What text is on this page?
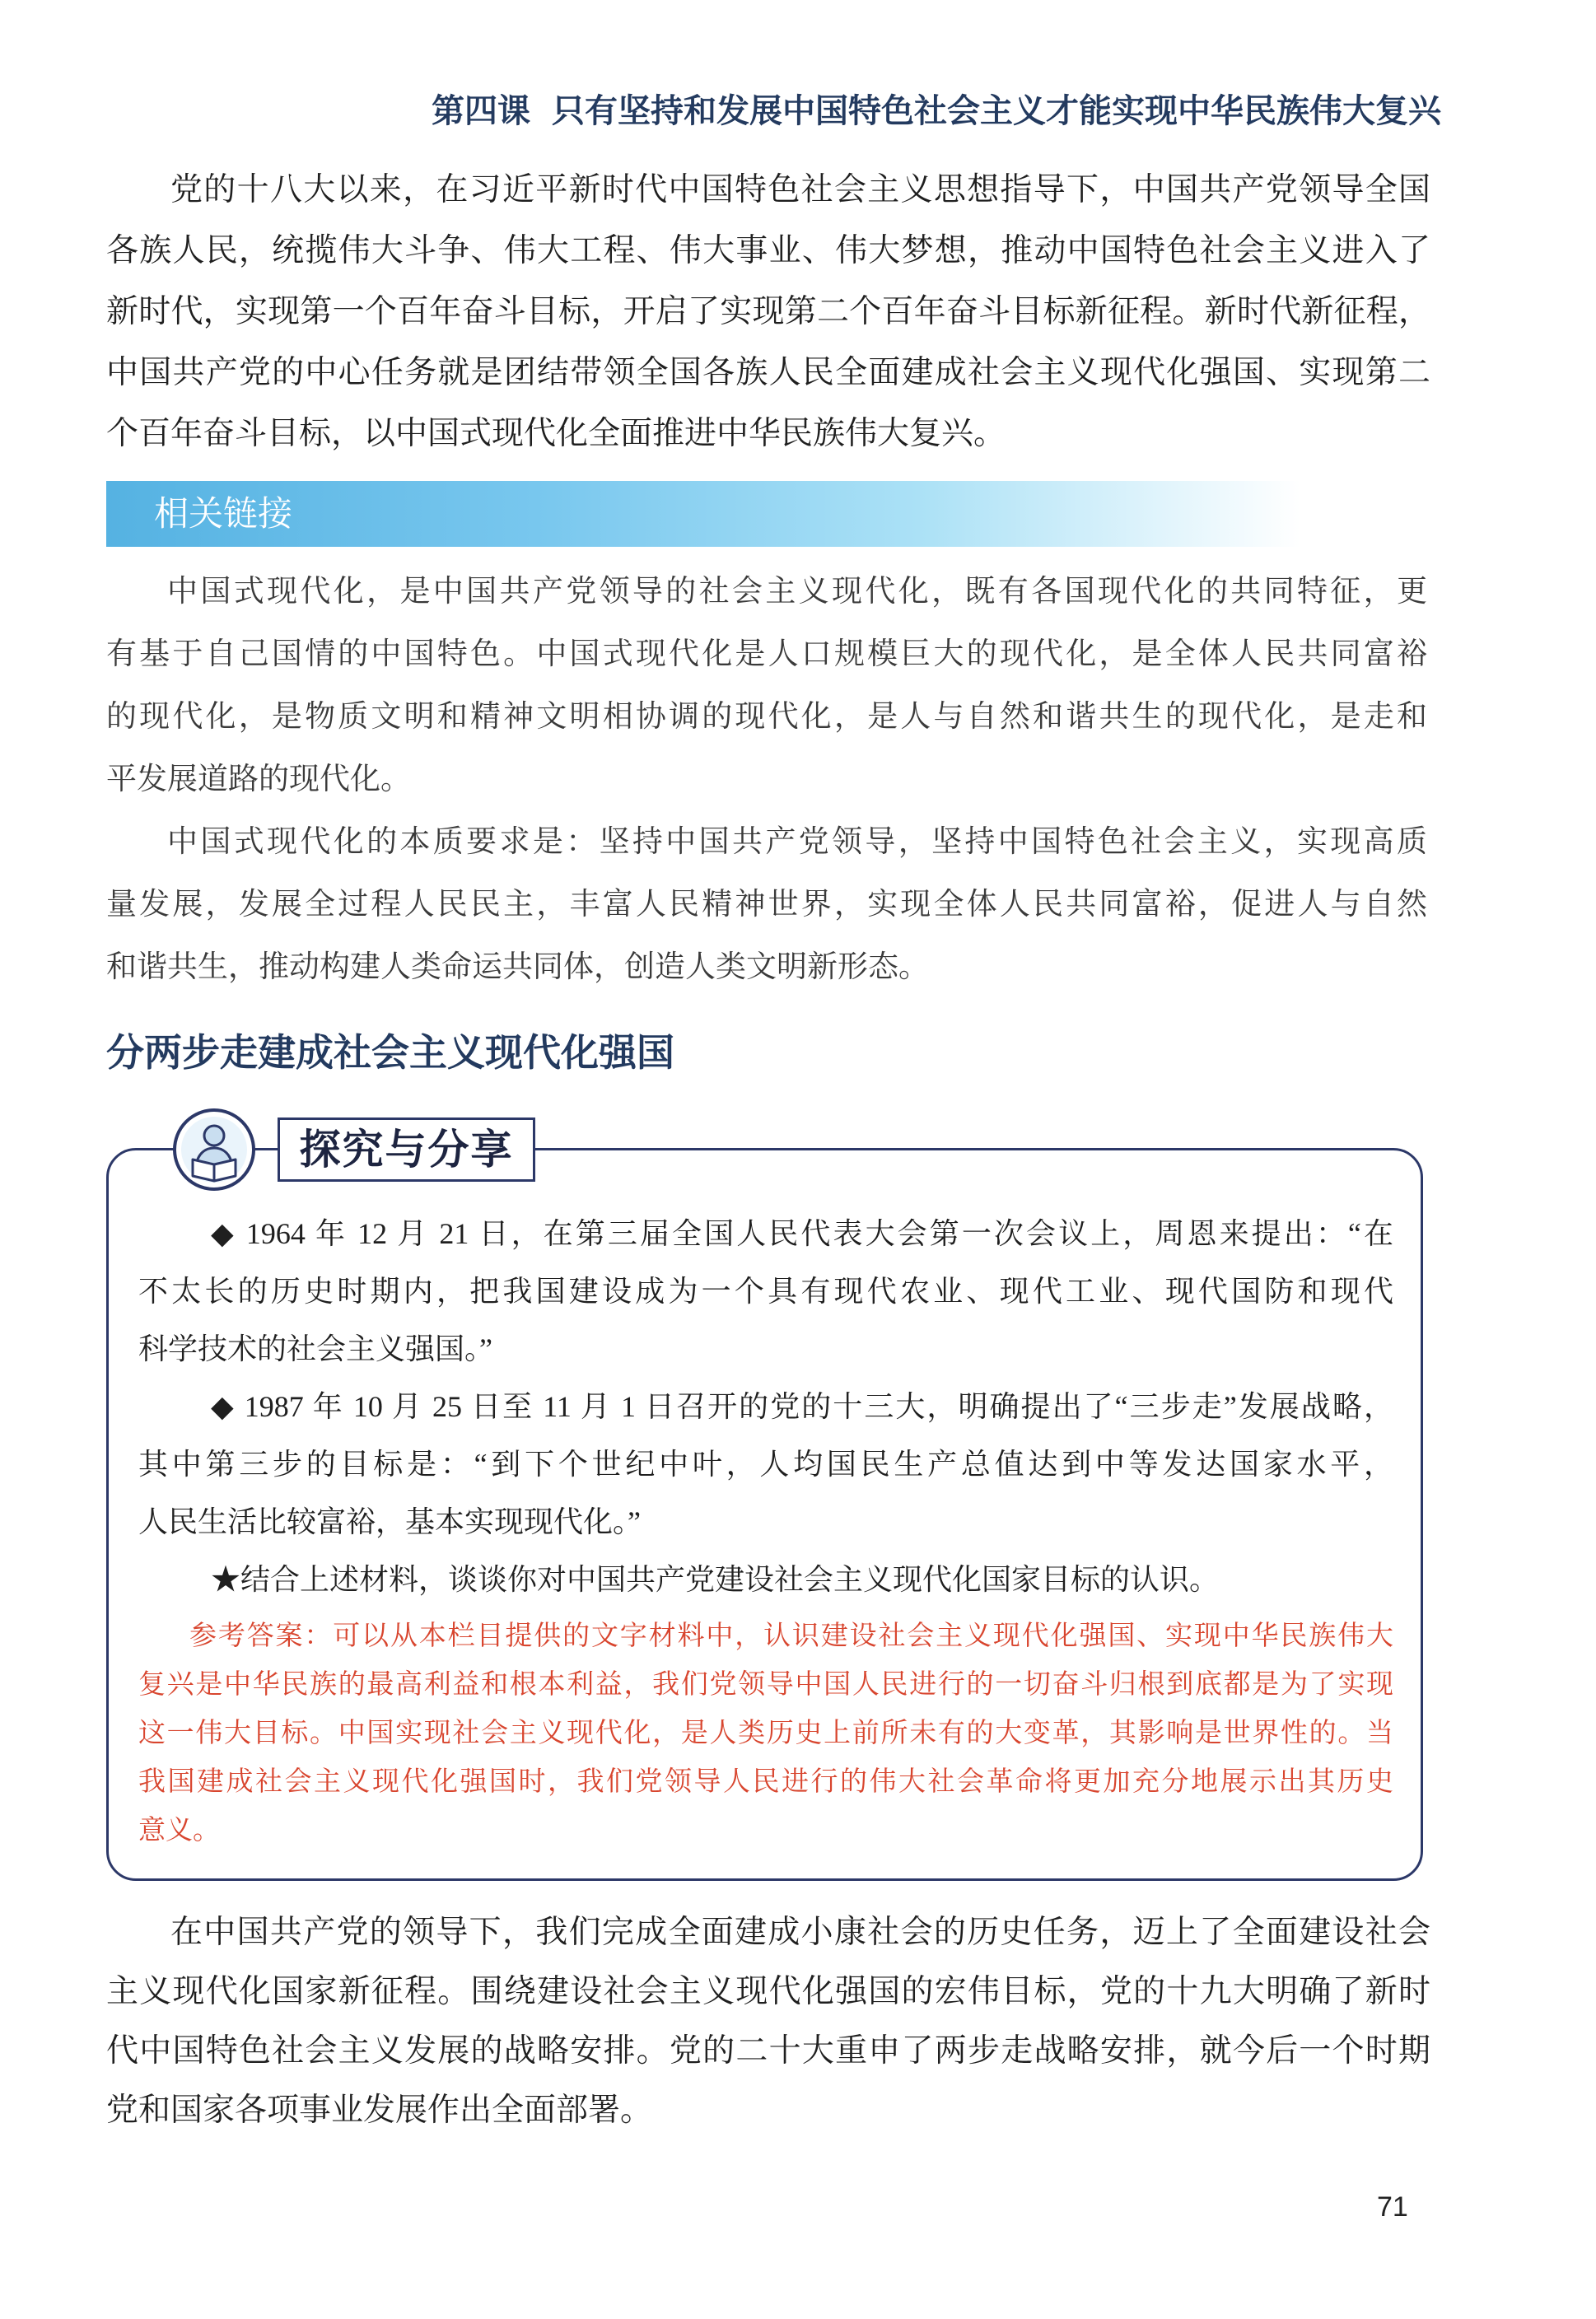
第四课 只有坚持和发展中国特色社会主义才能实现中华民族伟大复兴
党的十八大以来，在习近平新时代中国特色社会主义思想指导下，中国共产党领导全国
各族人民，统揽伟大斗争、伟大工程、伟大事业、伟大梦想，推动中国特色社会主义进入了
新时代，实现第一个百年奋斗目标，开启了实现第二个百年奋斗目标新征程。新时代新征程，
中国共产党的中心任务就是团结带领全国各族人民全面建成社会主义现代化强国、实现第二
个百年奋斗目标，以中国式现代化全面推进中华民族伟大复兴。
相关链接
中国式现代化，是中国共产党领导的社会主义现代化，既有各国现代化的共同特征，更
有基于自己国情的中国特色。中国式现代化是人口规模巨大的现代化，是全体人民共同富裕
的现代化，是物质文明和精神文明相协调的现代化，是人与自然和谐共生的现代化，是走和
平发展道路的现代化。
中国式现代化的本质要求是：坚持中国共产党领导，坚持中国特色社会主义，实现高质
量发展，发展全过程人民民主，丰富人民精神世界，实现全体人民共同富裕，促进人与自然
和谐共生，推动构建人类命运共同体，创造人类文明新形态。
分两步走建成社会主义现代化强国
探究与分享
◆ 1964 年 12 月 21 日，在第三届全国人民代表大会第一次会议上，周恩来提出：“在
不太长的历史时期内，把我国建设成为一个具有现代农业、现代工业、现代国防和现代
科学技术的社会主义强国。”
◆ 1987 年 10 月 25 日至 11 月 1 日召开的党的十三大，明确提出了“三步走”发展战略，
其中第三步的目标是：“到下个世纪中叶，人均国民生产总值达到中等发达国家水平，
人民生活比较富裕，基本实现现代化。”
★结合上述材料，谈谈你对中国共产党建设社会主义现代化国家目标的认识。
参考答案：可以从本栏目提供的文字材料中，认识建设社会主义现代化强国、实现中华民族伟大
复兴是中华民族的最高利益和根本利益，我们党领导中国人民进行的一切奋斗归根到底都是为了实现
这一伟大目标。中国实现社会主义现代化，是人类历史上前所未有的大变革，其影响是世界性的。当
我国建成社会主义现代化强国时，我们党领导人民进行的伟大社会革命将更加充分地展示出其历史
意义。
在中国共产党的领导下，我们完成全面建成小康社会的历史任务，迈上了全面建设社会
主义现代化国家新征程。围绕建设社会主义现代化强国的宏伟目标，党的十九大明确了新时
代中国特色社会主义发展的战略安排。党的二十大重申了两步走战略安排，就今后一个时期
党和国家各项事业发展作出全面部署。
71
